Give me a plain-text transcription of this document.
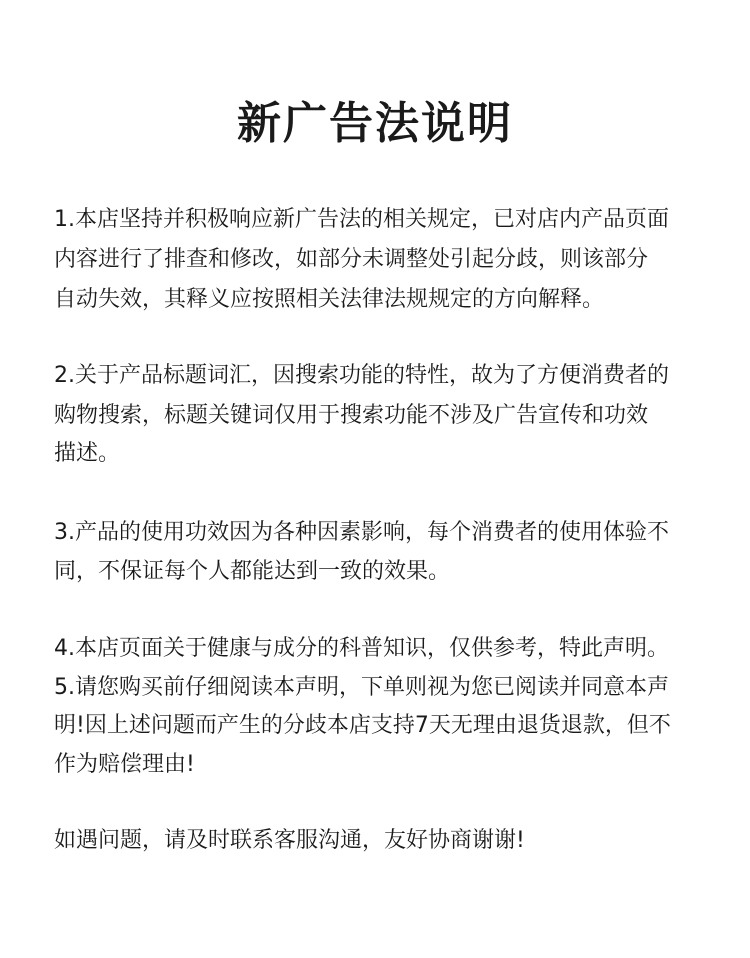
新广告法说明

1.本店坚持并积极响应新广告法的相关规定，已对店内产品页面

内容进行了排查和修改，如部分未调整处引起分歧，则该部分

自动失效，其释义应按照相关法律法规规定的方向解释。

2.关于产品标题词汇，因搜索功能的特性，故为了方便消费者的

购物搜索，标题关键词仅用于搜索功能不涉及广告宣传和功效

描述。

3.产品的使用功效因为各种因素影响，每个消费者的使用体验不

同，不保证每个人都能达到一致的效果。

4.本店页面关于健康与成分的科普知识，仅供参考，特此声明。

5.请您购买前仔细阅读本声明，下单则视为您已阅读并同意本声

明!因上述问题而产生的分歧本店支持7天无理由退货退款，但不

作为赔偿理由!

如遇问题，请及时联系客服沟通，友好协商谢谢!
